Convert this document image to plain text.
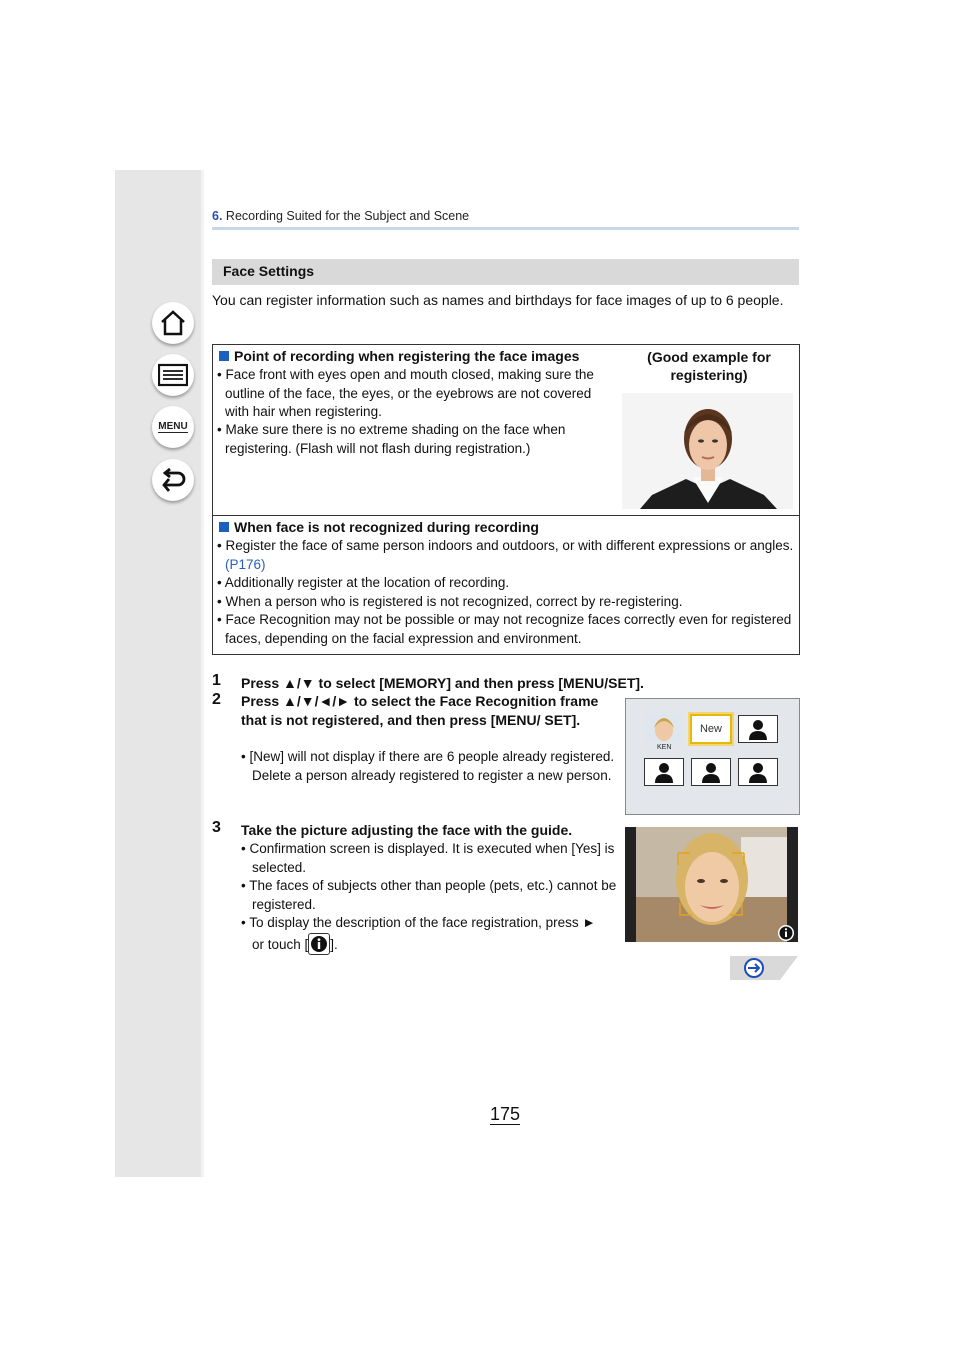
MENU
6. Recording Suited for the Subject and Scene
Face Settings
You can register information such as names and birthdays for face images of up to 6 people.
Point of recording when registering the face images
• Face front with eyes open and mouth closed, making sure the outline of the face, the eyes, or the eyebrows are not covered with hair when registering.
• Make sure there is no extreme shading on the face when registering. (Flash will not flash during registration.)
(Good example for registering)
When face is not recognized during recording
• Register the face of same person indoors and outdoors, or with different expressions or angles. (P176)
• Additionally register at the location of recording.
• When a person who is registered is not recognized, correct by re-registering.
• Face Recognition may not be possible or may not recognize faces correctly even for registered faces, depending on the facial expression and environment.
1 Press ▲/▼ to select [MEMORY] and then press [MENU/SET].
2 Press ▲/▼/◄/► to select the Face Recognition frame that is not registered, and then press [MENU/ SET].
• [New] will not display if there are 6 people already registered. Delete a person already registered to register a new person.
3 Take the picture adjusting the face with the guide.
• Confirmation screen is displayed. It is executed when [Yes] is selected.
• The faces of subjects other than people (pets, etc.) cannot be registered.
• To display the description of the face registration, press ►
or touch [ ].
KEN
New
175
